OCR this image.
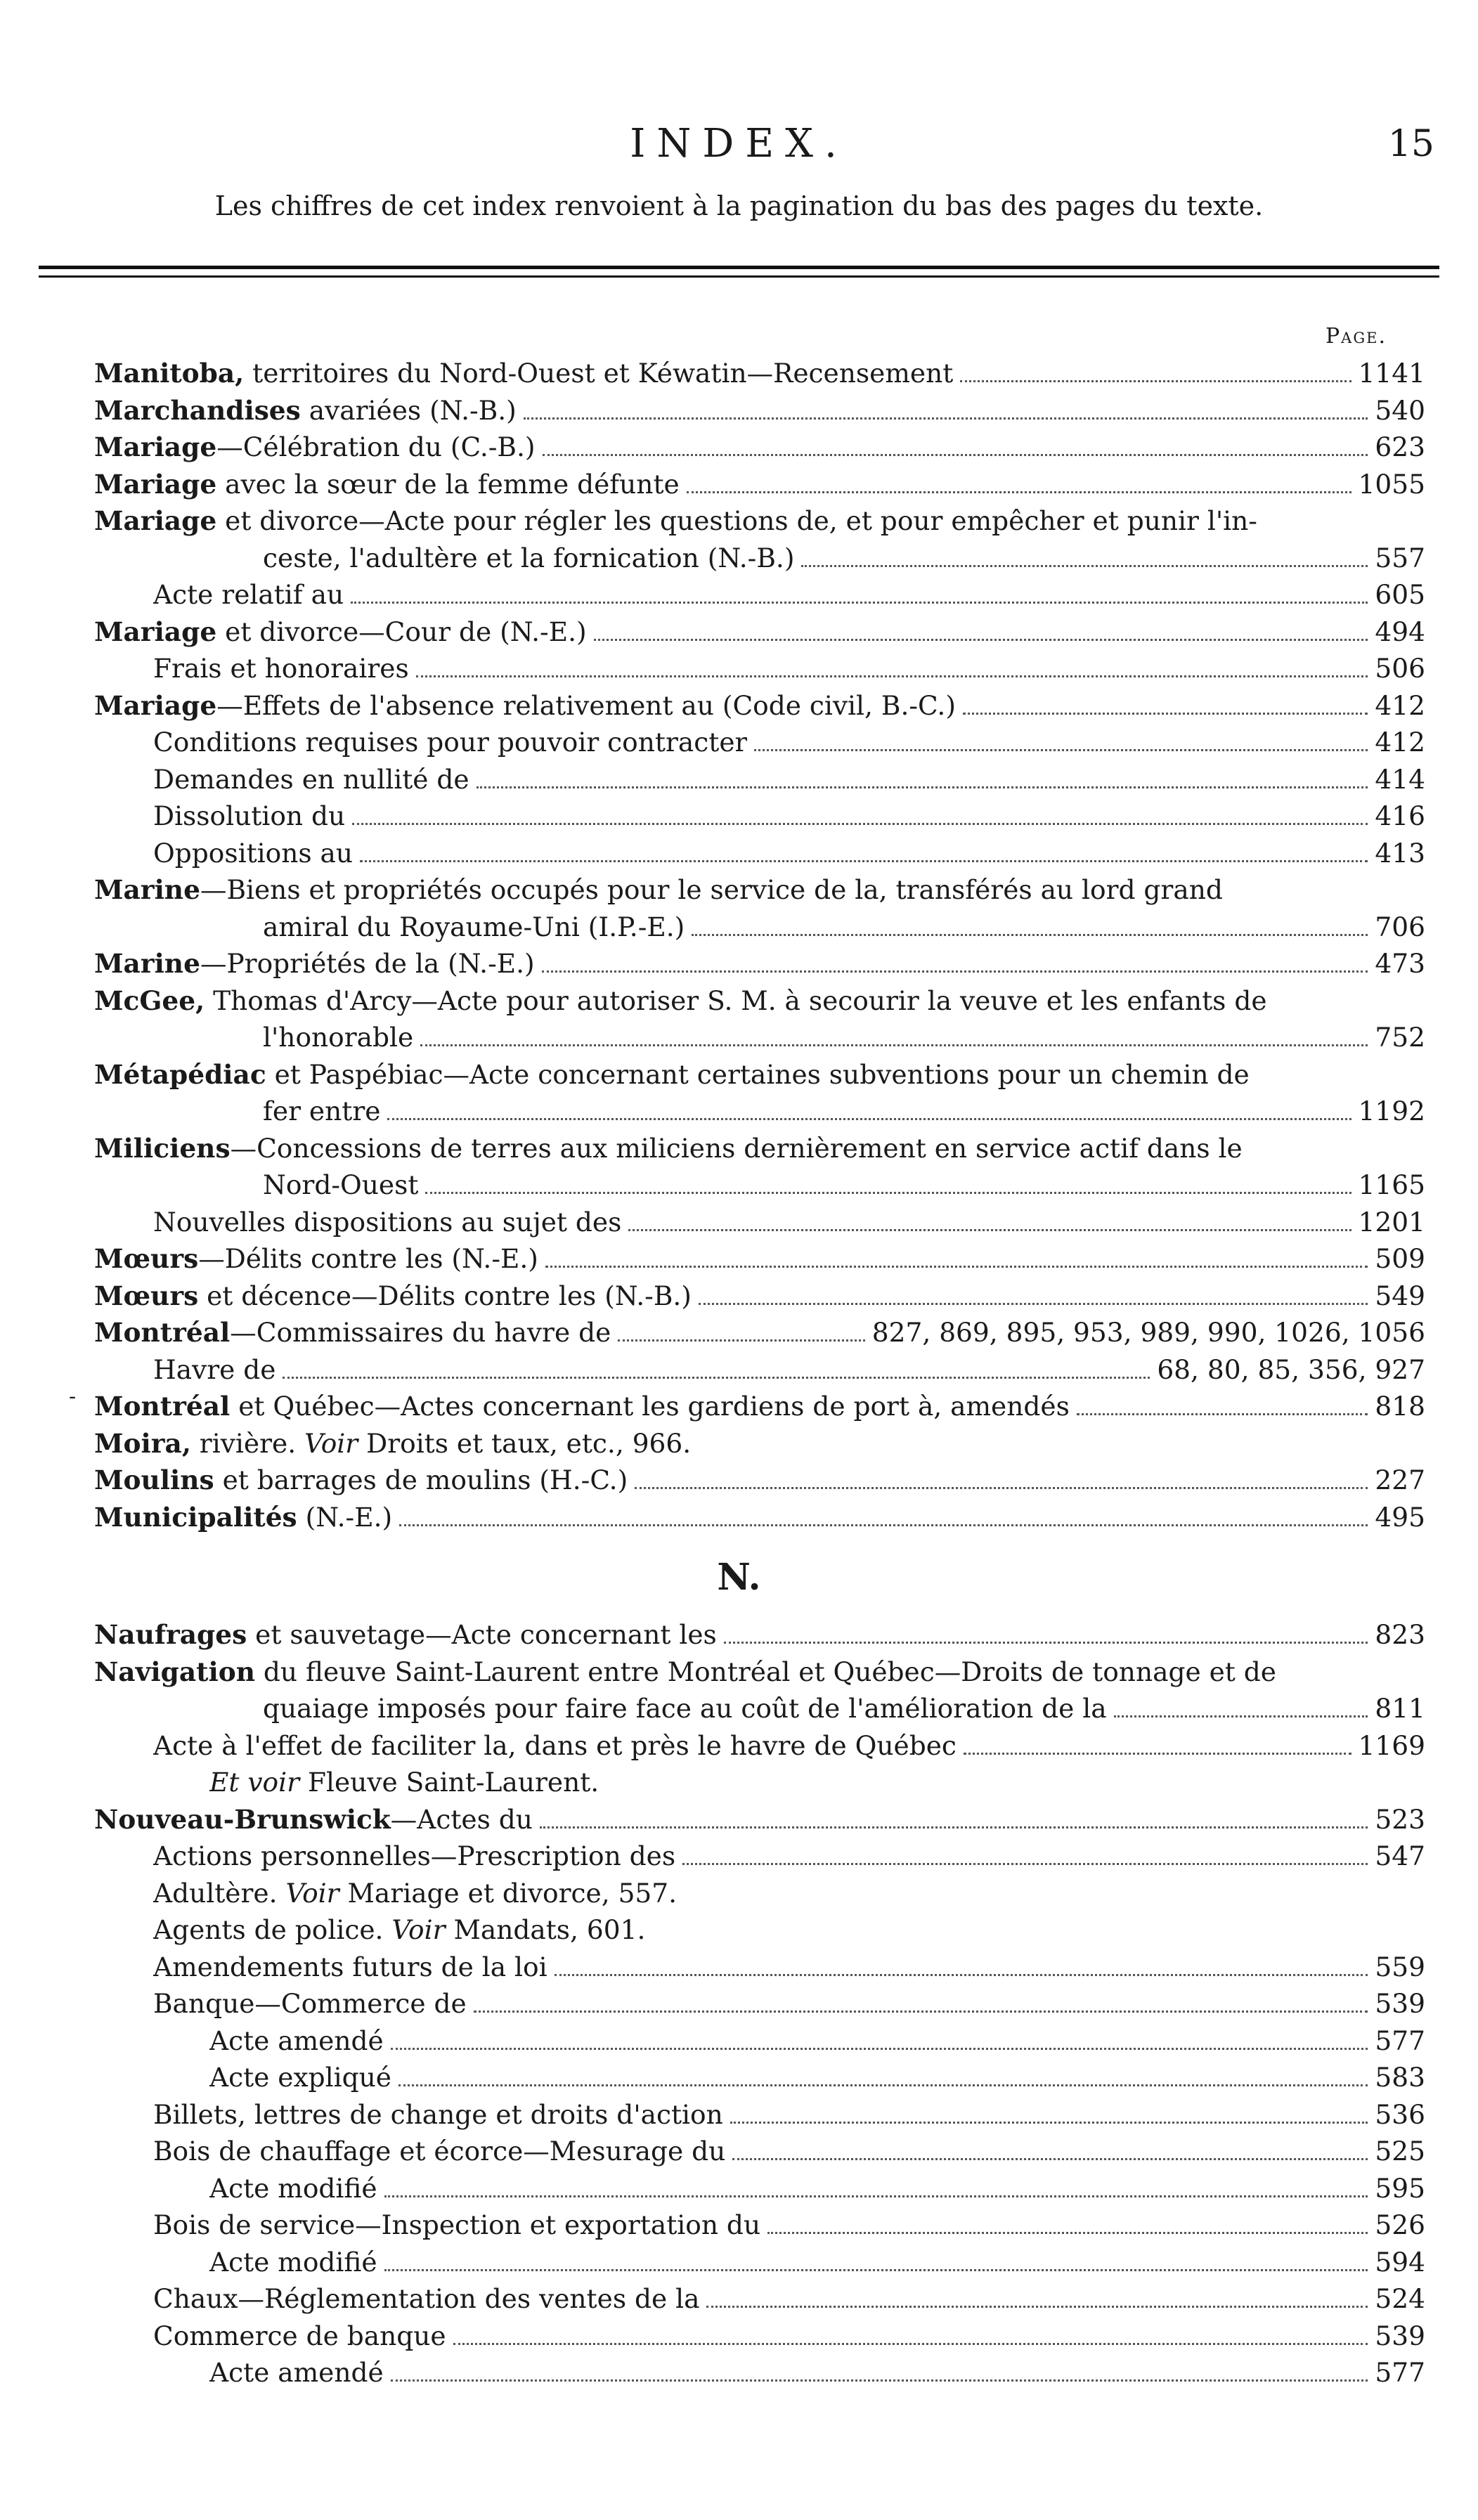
INDEX.	15
Les chiffres de cet index renvoient à la pagination du bas des pages du texte.
Page.
-
Manitoba, territoires du Nord-Ouest et Kéwatin—Recensement	1141
Marchandises avariées (N.-B.)	540
Mariage—Célébration du (C.-B.)	623
Mariage avec la sœur de la femme défunte	1055
Mariage et divorce—Acte pour régler les questions de, et pour empêcher et punir l'in-
ceste, l'adultère et la fornication (N.-B.)	557
Acte relatif au	605
Mariage et divorce—Cour de (N.-E.)	494
Frais et honoraires	506
Mariage—Effets de l'absence relativement au (Code civil, B.-C.)	412
Conditions requises pour pouvoir contracter	412
Demandes en nullité de	414
Dissolution du	416
Oppositions au	413
Marine—Biens et propriétés occupés pour le service de la, transférés au lord grand
amiral du Royaume-Uni (I.P.-E.)	706
Marine—Propriétés de la (N.-E.)	473
McGee, Thomas d'Arcy—Acte pour autoriser S. M. à secourir la veuve et les enfants de
l'honorable	752
Métapédiac et Paspébiac—Acte concernant certaines subventions pour un chemin de
fer entre	1192
Miliciens—Concessions de terres aux miliciens dernièrement en service actif dans le
Nord-Ouest	1165
Nouvelles dispositions au sujet des	1201
Mœurs—Délits contre les (N.-E.)	509
Mœurs et décence—Délits contre les (N.-B.)	549
Montréal—Commissaires du havre de	827, 869, 895, 953, 989, 990, 1026, 1056
Havre de	68, 80, 85, 356, 927
Montréal et Québec—Actes concernant les gardiens de port à, amendés	818
Moira, rivière. Voir Droits et taux, etc., 966.
Moulins et barrages de moulins (H.-C.)	227
Municipalités (N.-E.)	495
N.
Naufrages et sauvetage—Acte concernant les	823
Navigation du fleuve Saint-Laurent entre Montréal et Québec—Droits de tonnage et de
quaiage imposés pour faire face au coût de l'amélioration de la	811
Acte à l'effet de faciliter la, dans et près le havre de Québec	1169
Et voir Fleuve Saint-Laurent.
Nouveau-Brunswick—Actes du	523
Actions personnelles—Prescription des	547
Adultère. Voir Mariage et divorce, 557.
Agents de police. Voir Mandats, 601.
Amendements futurs de la loi	559
Banque—Commerce de	539
Acte amendé	577
Acte expliqué	583
Billets, lettres de change et droits d'action	536
Bois de chauffage et écorce—Mesurage du	525
Acte modifié	595
Bois de service—Inspection et exportation du	526
Acte modifié	594
Chaux—Réglementation des ventes de la	524
Commerce de banque	539
Acte amendé	577
